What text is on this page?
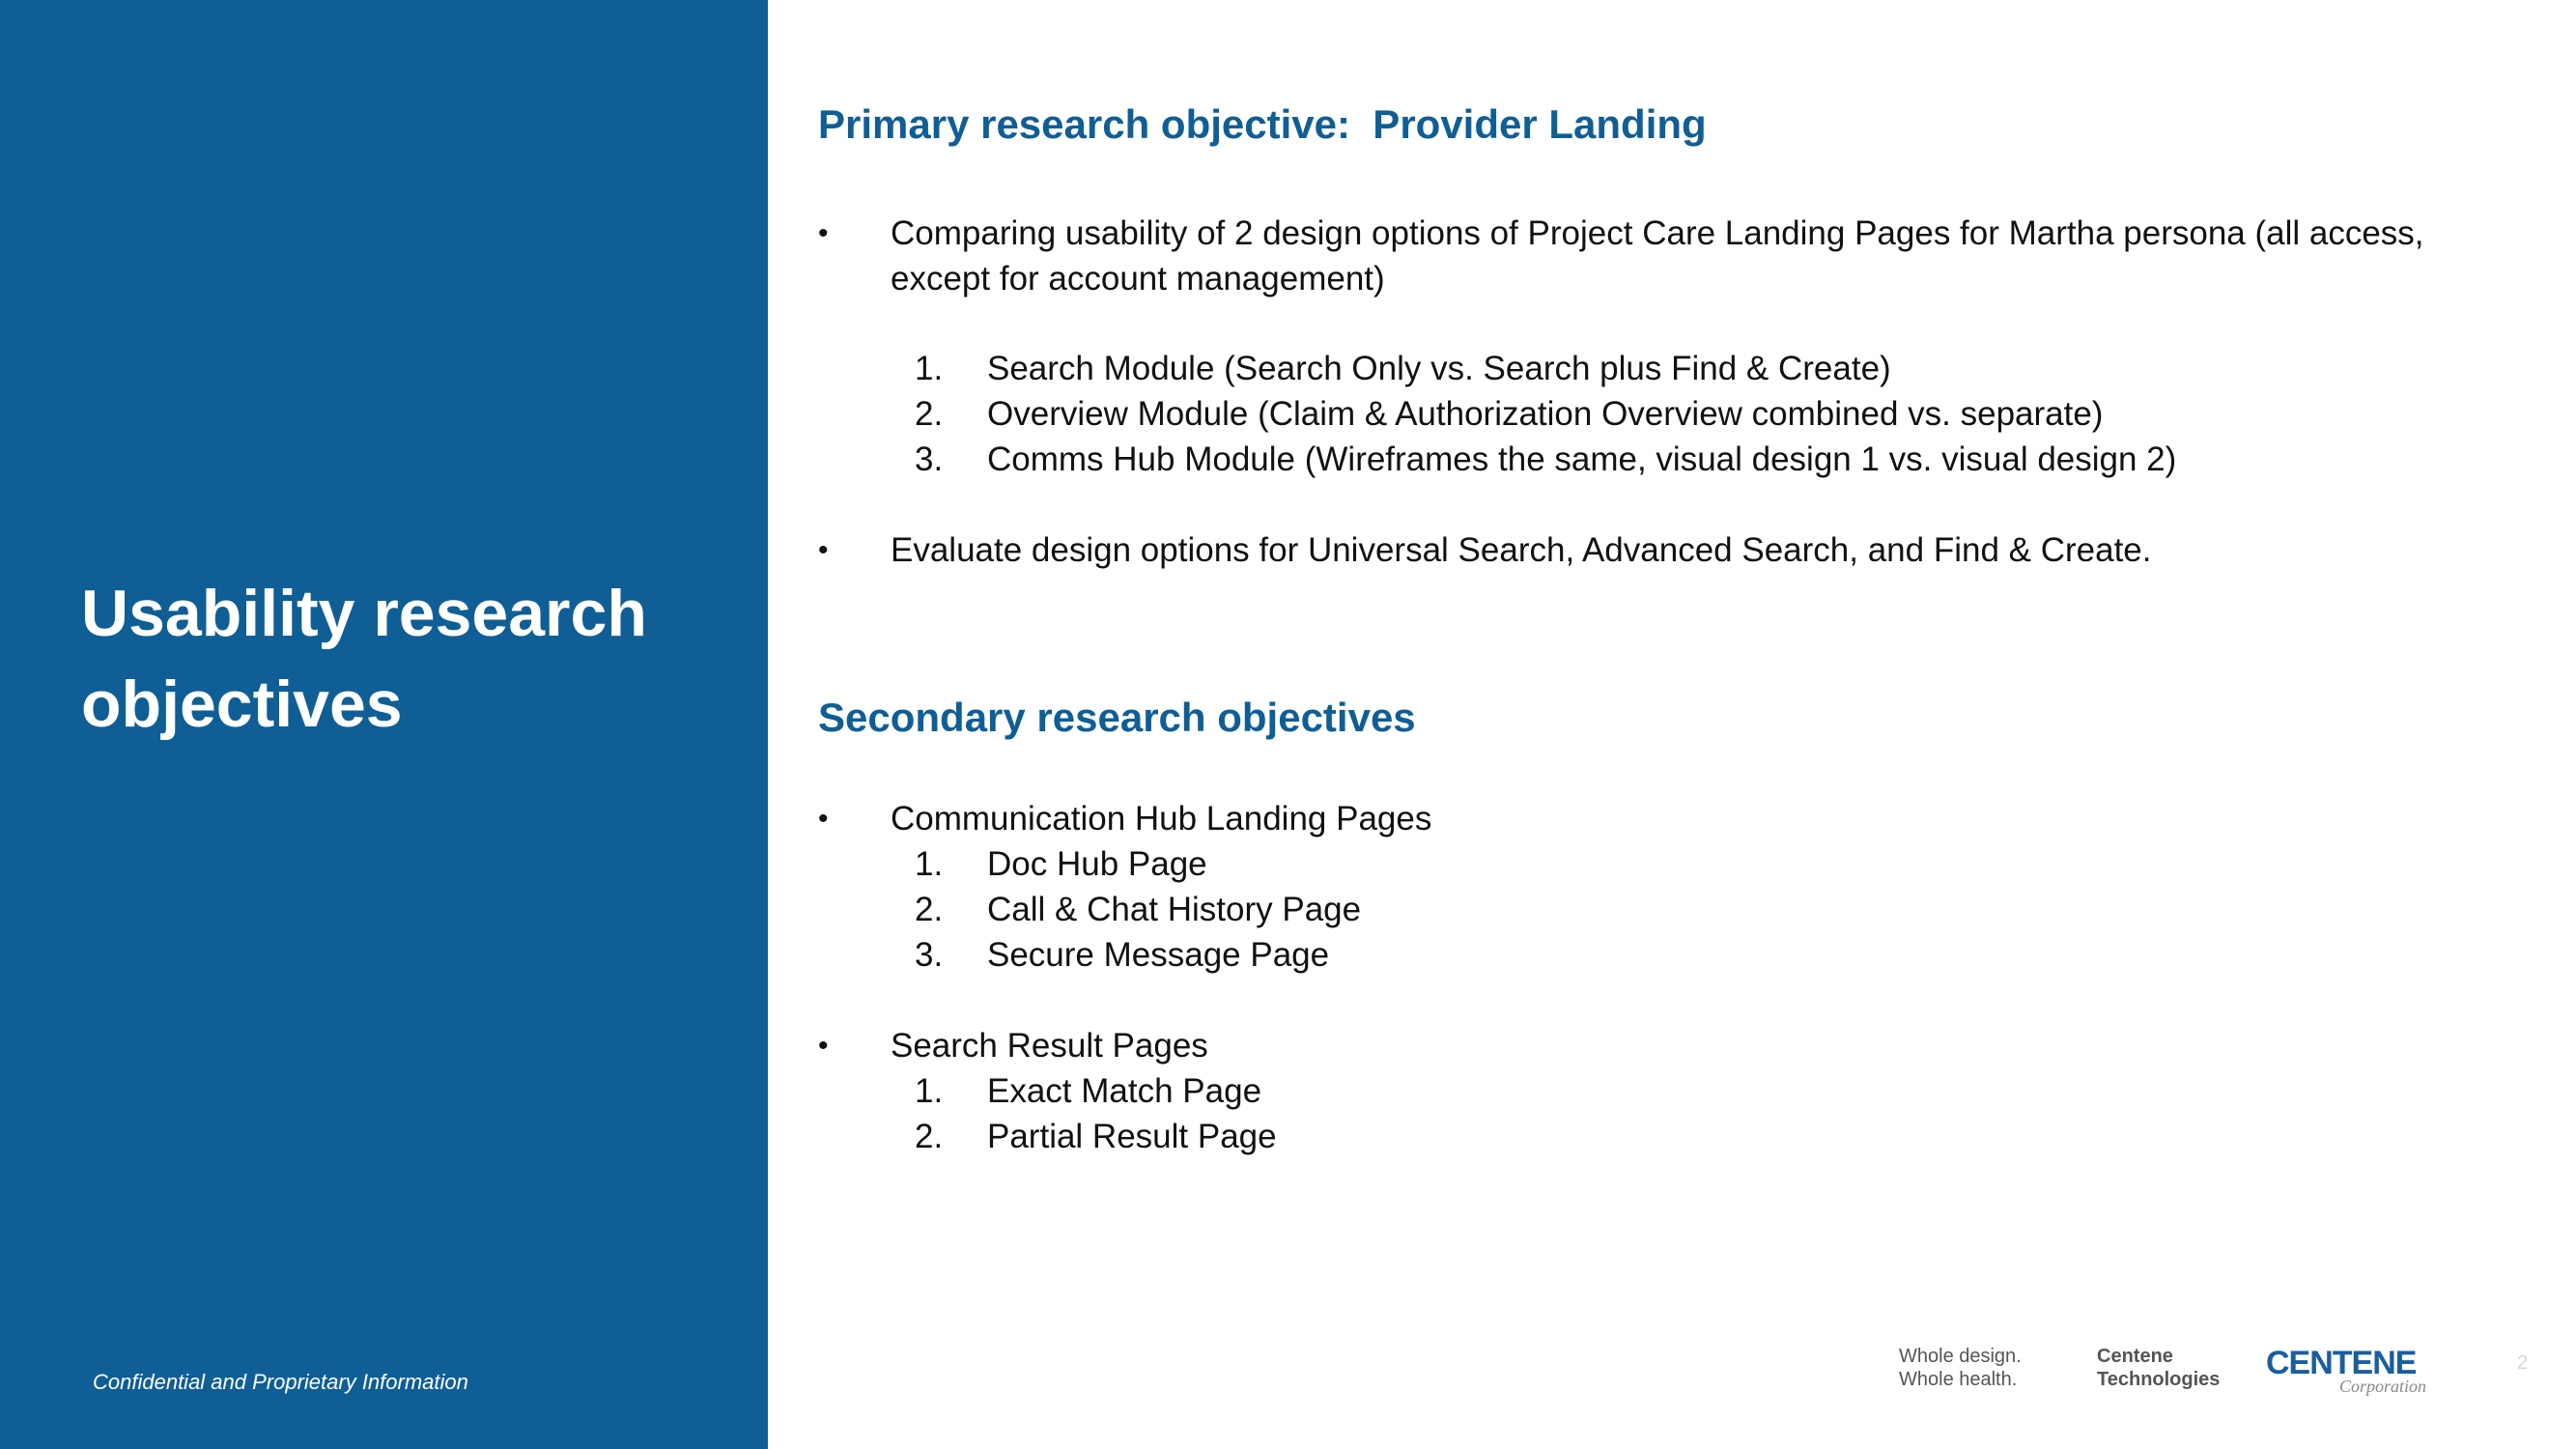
Usability research objectives
Confidential and Proprietary Information
Primary research objective:  Provider Landing
• Comparing usability of 2 design options of Project Care Landing Pages for Martha persona (all access, except for account management)
1. Search Module (Search Only vs. Search plus Find & Create)
2. Overview Module (Claim & Authorization Overview combined vs. separate)
3. Comms Hub Module (Wireframes the same, visual design 1 vs. visual design 2)
• Evaluate design options for Universal Search, Advanced Search, and Find & Create.
Secondary research objectives
• Communication Hub Landing Pages
1. Doc Hub Page
2. Call & Chat History Page
3. Secure Message Page
• Search Result Pages
1. Exact Match Page
2. Partial Result Page
Whole design.
Whole health.
Centene
Technologies CENTENE
Corporation
2
